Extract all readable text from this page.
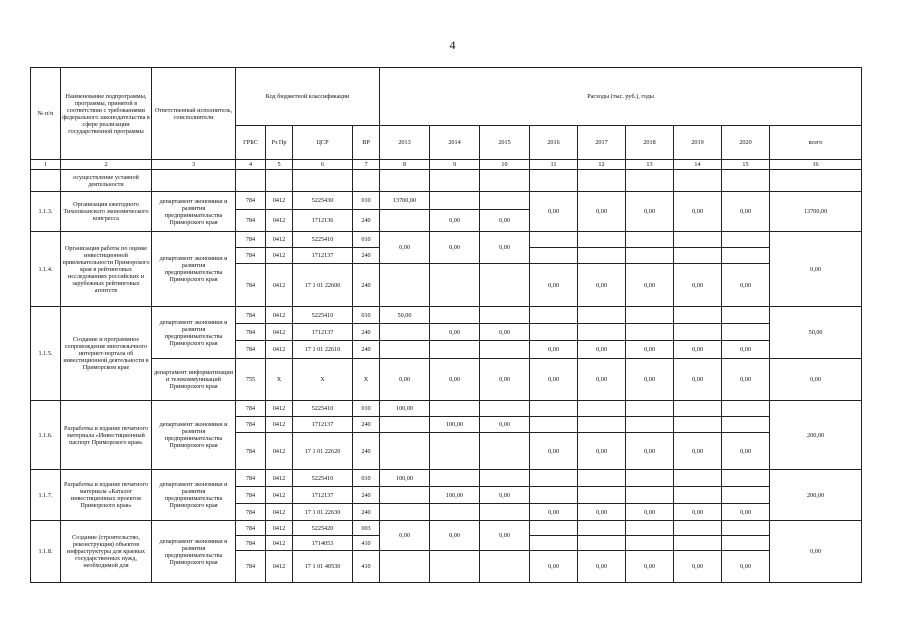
4
№ п/п	Наименование подпрограммы, программы, принятой в соответствии с требованиями федерального законодательства в сфере реализации государственной программы	Ответственный исполнитель, соисполнители	Код бюджетной классификации				Расходы (тыс. руб.), годы								
			ГРБС	Рз Пр	ЦСР	ВР	2013	2014	2015	2016	2017	2018	2019	2020	всего
1	2	3	4	5	6	7	8	9	10	11	12	13	14	15	16
	осуществление уставной деятельности														
1.1.3.	Организация ежегодного Тихоокеанского экономического конгресса	департамент экономики и развития предпринимательства Приморского края	784	0412	5225430	010	13700,00			0,00	0,00	0,00	0,00	0,00	13700,00
			784	0412	1712136	240		0,00	0,00						
1.1.4.	Организация работы по оценке инвестиционной привлекательности Приморского края в рейтинговых исследованиях российских и зарубежных рейтинговых агентств	департамент экономики и развития предпринимательства Приморского края	784	0412	5225410	010	0,00	0,00	0,00						0,00
			784	0412	1712137	240									
			784	0412	17 1 01 22600	240				0,00	0,00	0,00	0,00	0,00	
1.1.5.	Создание и программное сопровождение многоязычного интернет-портала об инвестиционной деятельности в Приморском крае	департамент экономики и развития предпринимательства Приморского края	784	0412	5225410	010	50,00								50,00
			784	0412	1712137	240		0,00	0,00						
			784	0412	17 1 01 22610	240				0,00	0,00	0,00	0,00	0,00	
		департамент информатизации и телекоммуникаций Приморского края	755	Х	Х	Х	0,00	0,00	0,00	0,00	0,00	0,00	0,00	0,00	0,00
1.1.6.	Разработка и издание печатного материала «Инвестиционный паспорт Приморского края»	департамент экономики и развития предпринимательства Приморского края	784	0412	5225410	010	100,00								200,00
			784	0412	1712137	240		100,00	0,00						
			784	0412	17 1 01 22620	240				0,00	0,00	0,00	0,00	0,00	
1.1.7.	Разработка и издание печатного материала «Каталог инвестиционных проектов Приморского края»	департамент экономики и развития предпринимательства Приморского края	784	0412	5225410	010	100,00								200,00
			784	0412	1712137	240		100,00	0,00						
			784	0412	17 1 01 22630	240				0,00	0,00	0,00	0,00	0,00	
1.1.8.	Создание (строительство, реконструкция) объектов инфраструктуры для краевых государственных нужд, необходимой для	департамент экономики и развития предпринимательства Приморского края	784	0412	5225420	003	0,00	0,00	0,00						0,00
			784	0412	1714053	410									
			784	0412	17 1 01 40530	410				0,00	0,00	0,00	0,00	0,00	
